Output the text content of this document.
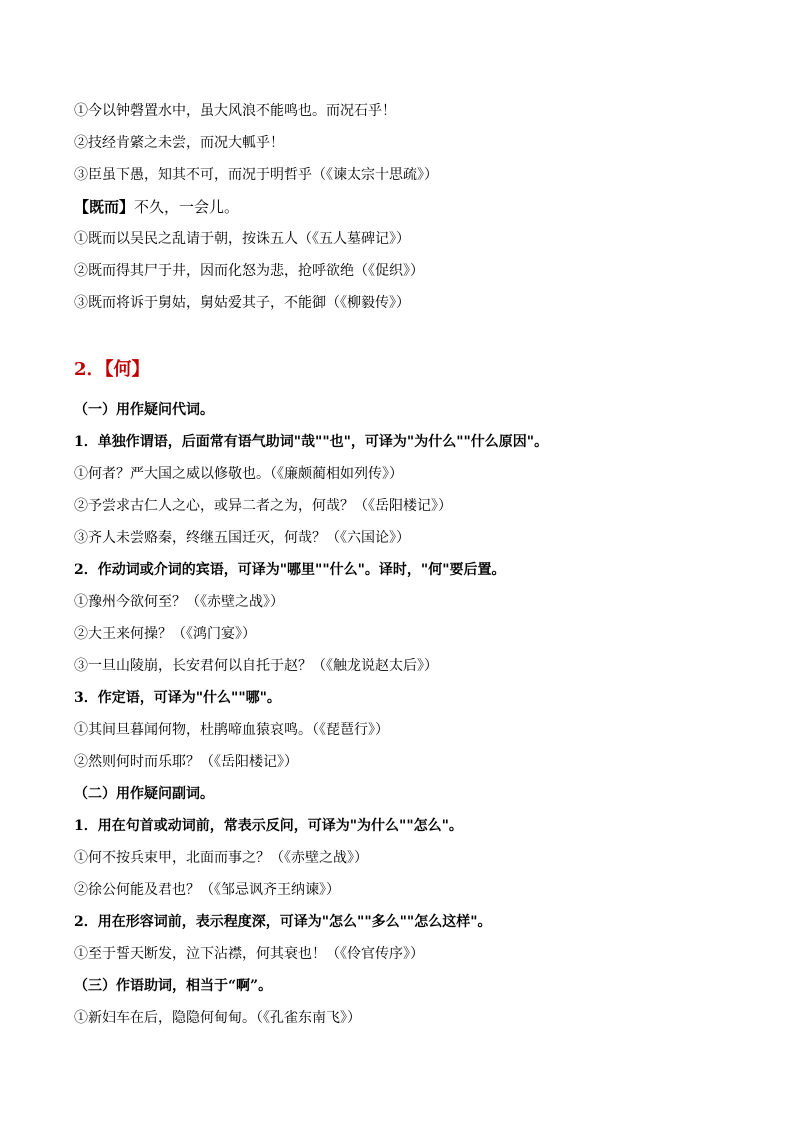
①今以钟磬置水中，虽大风浪不能鸣也。而况石乎！
②技经肯綮之未尝，而况大軱乎！
③臣虽下愚，知其不可，而况于明哲乎（《谏太宗十思疏》）
【既而】不久，一会儿。
①既而以吴民之乱请于朝，按诛五人（《五人墓碑记》）
②既而得其尸于井，因而化怒为悲，抢呼欲绝（《促织》）
③既而将诉于舅姑，舅姑爱其子，不能御（《柳毅传》）
2．【何】
（一）用作疑问代词。
1．单独作谓语，后面常有语气助词"哉""也"，可译为"为什么""什么原因"。
①何者？严大国之威以修敬也。（《廉颇蔺相如列传》）
②予尝求古仁人之心，或异二者之为，何哉？（《岳阳楼记》）
③齐人未尝赂秦，终继五国迁灭，何哉？（《六国论》）
2．作动词或介词的宾语，可译为"哪里""什么"。译时，"何"要后置。
①豫州今欲何至？（《赤壁之战》）
②大王来何操？（《鸿门宴》）
③一旦山陵崩，长安君何以自托于赵？（《触龙说赵太后》）
3．作定语，可译为"什么""哪"。
①其间旦暮闻何物，杜鹃啼血猿哀鸣。（《琵琶行》）
②然则何时而乐耶？（《岳阳楼记》）
（二）用作疑问副词。
1．用在句首或动词前，常表示反问，可译为"为什么""怎么"。
①何不按兵束甲，北面而事之？（《赤壁之战》）
②徐公何能及君也？（《邹忌讽齐王纳谏》）
2．用在形容词前，表示程度深，可译为"怎么""多么""怎么这样"。
①至于誓天断发，泣下沾襟，何其衰也！（《伶官传序》）
（三）作语助词，相当于“啊”。
①新妇车在后，隐隐何甸甸。（《孔雀东南飞》）
